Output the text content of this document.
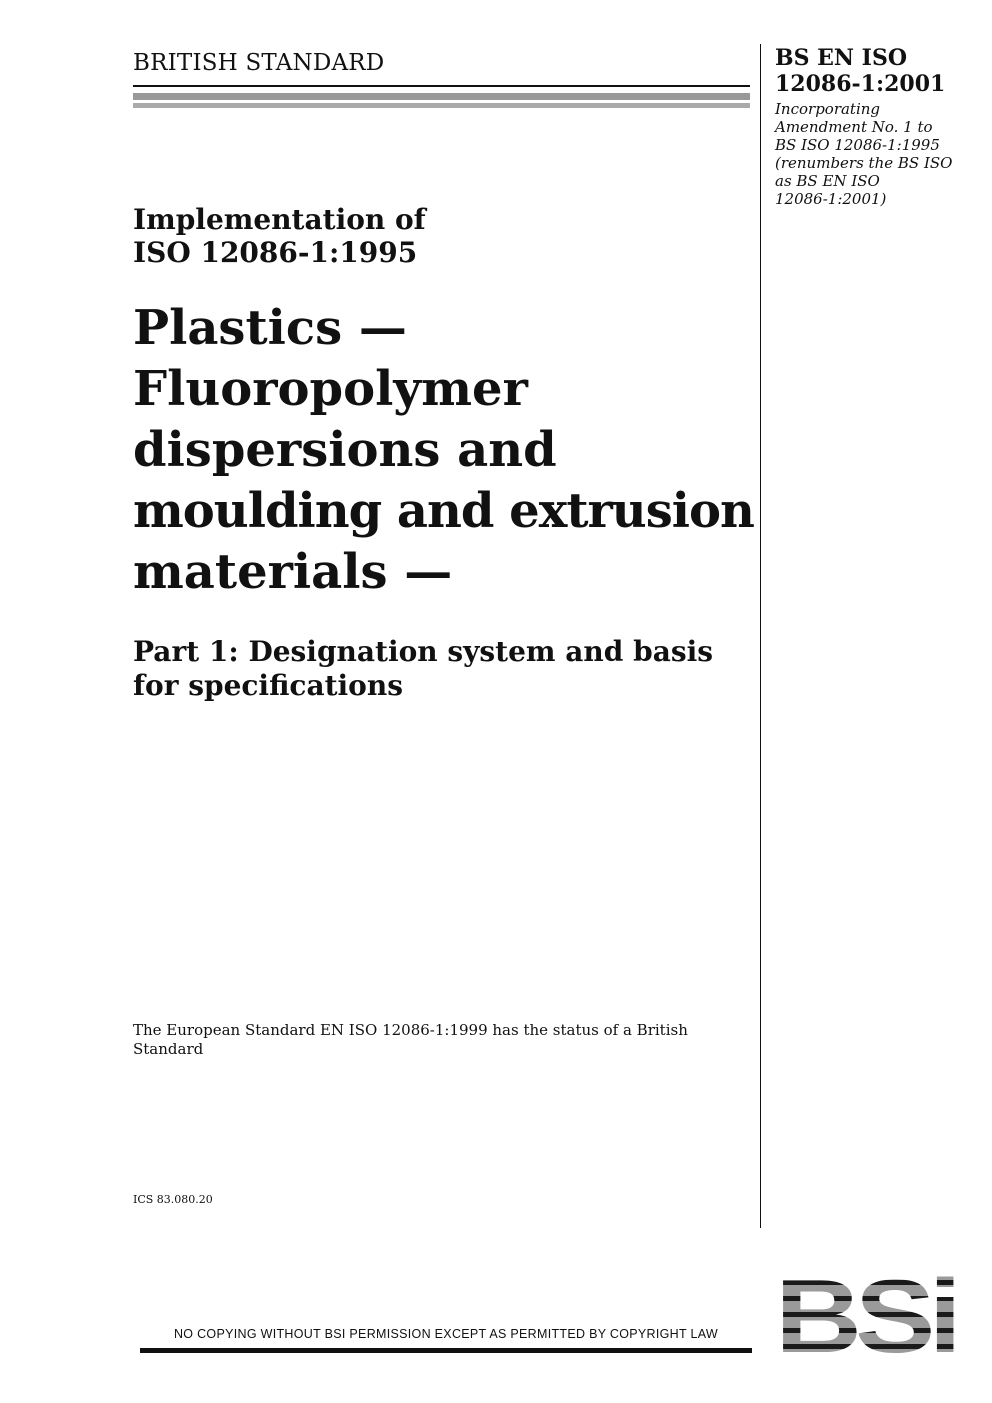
BRITISH STANDARD	BS EN ISO
12086-1:2001
Incorporating
Amendment No. 1 to
BS ISO 12086-1:1995
(renumbers the BS ISO
as BS EN ISO
12086-1:2001)
Implementation of
ISO 12086-1:1995
Plastics —
Fluoropolymer
dispersions and
moulding and extrusion
materials —
Part 1: Designation system and basis for specifications
The European Standard EN ISO 12086-1:1999 has the status of a British Standard
ICS 83.080.20
NO COPYING WITHOUT BSI PERMISSION EXCEPT AS PERMITTED BY COPYRIGHT LAW
